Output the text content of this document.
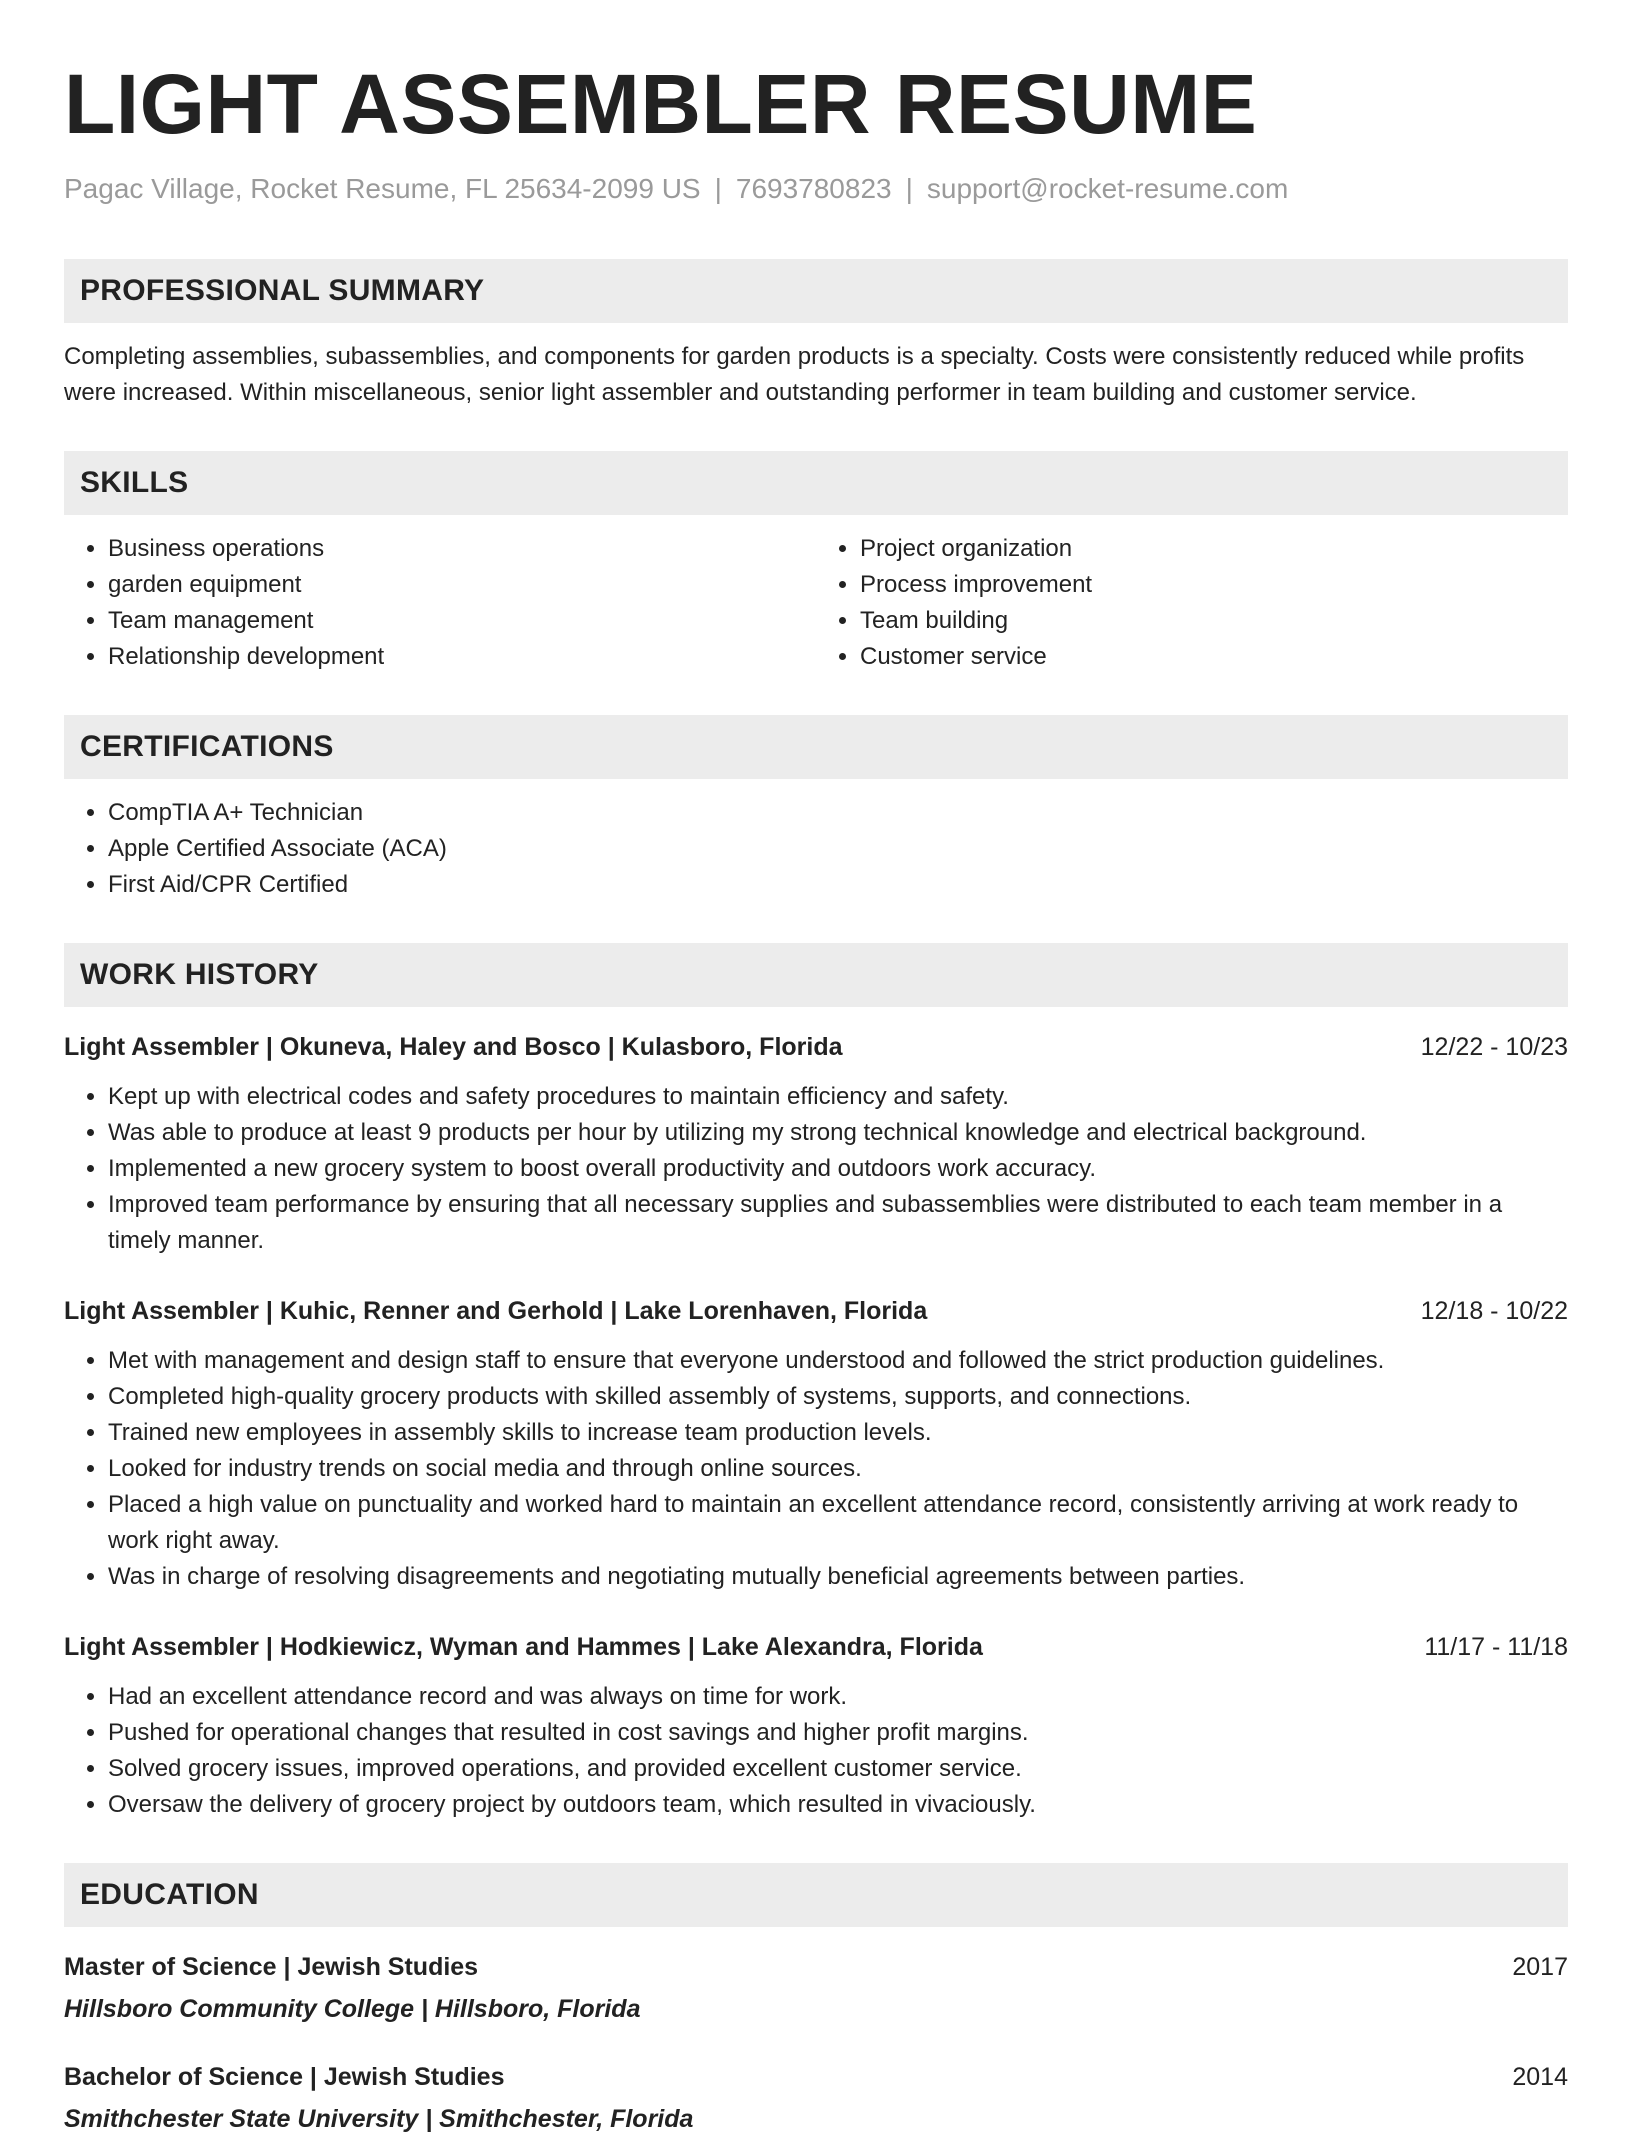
LIGHT ASSEMBLER RESUME
Pagac Village, Rocket Resume, FL 25634-2099 US | 7693780823 | support@rocket-resume.com
PROFESSIONAL SUMMARY
Completing assemblies, subassemblies, and components for garden products is a specialty. Costs were consistently reduced while profits were increased. Within miscellaneous, senior light assembler and outstanding performer in team building and customer service.
SKILLS
• Business operations
• garden equipment
• Team management
• Relationship development
• Project organization
• Process improvement
• Team building
• Customer service
CERTIFICATIONS
• CompTIA A+ Technician
• Apple Certified Associate (ACA)
• First Aid/CPR Certified
WORK HISTORY
Light Assembler | Okuneva, Haley and Bosco | Kulasboro, Florida	12/22 - 10/23
• Kept up with electrical codes and safety procedures to maintain efficiency and safety.
• Was able to produce at least 9 products per hour by utilizing my strong technical knowledge and electrical background.
• Implemented a new grocery system to boost overall productivity and outdoors work accuracy.
• Improved team performance by ensuring that all necessary supplies and subassemblies were distributed to each team member in a timely manner.
Light Assembler | Kuhic, Renner and Gerhold | Lake Lorenhaven, Florida	12/18 - 10/22
• Met with management and design staff to ensure that everyone understood and followed the strict production guidelines.
• Completed high-quality grocery products with skilled assembly of systems, supports, and connections.
• Trained new employees in assembly skills to increase team production levels.
• Looked for industry trends on social media and through online sources.
• Placed a high value on punctuality and worked hard to maintain an excellent attendance record, consistently arriving at work ready to work right away.
• Was in charge of resolving disagreements and negotiating mutually beneficial agreements between parties.
Light Assembler | Hodkiewicz, Wyman and Hammes | Lake Alexandra, Florida	11/17 - 11/18
• Had an excellent attendance record and was always on time for work.
• Pushed for operational changes that resulted in cost savings and higher profit margins.
• Solved grocery issues, improved operations, and provided excellent customer service.
• Oversaw the delivery of grocery project by outdoors team, which resulted in vivaciously.
EDUCATION
Master of Science | Jewish Studies	2017
Hillsboro Community College | Hillsboro, Florida
Bachelor of Science | Jewish Studies	2014
Smithchester State University | Smithchester, Florida
